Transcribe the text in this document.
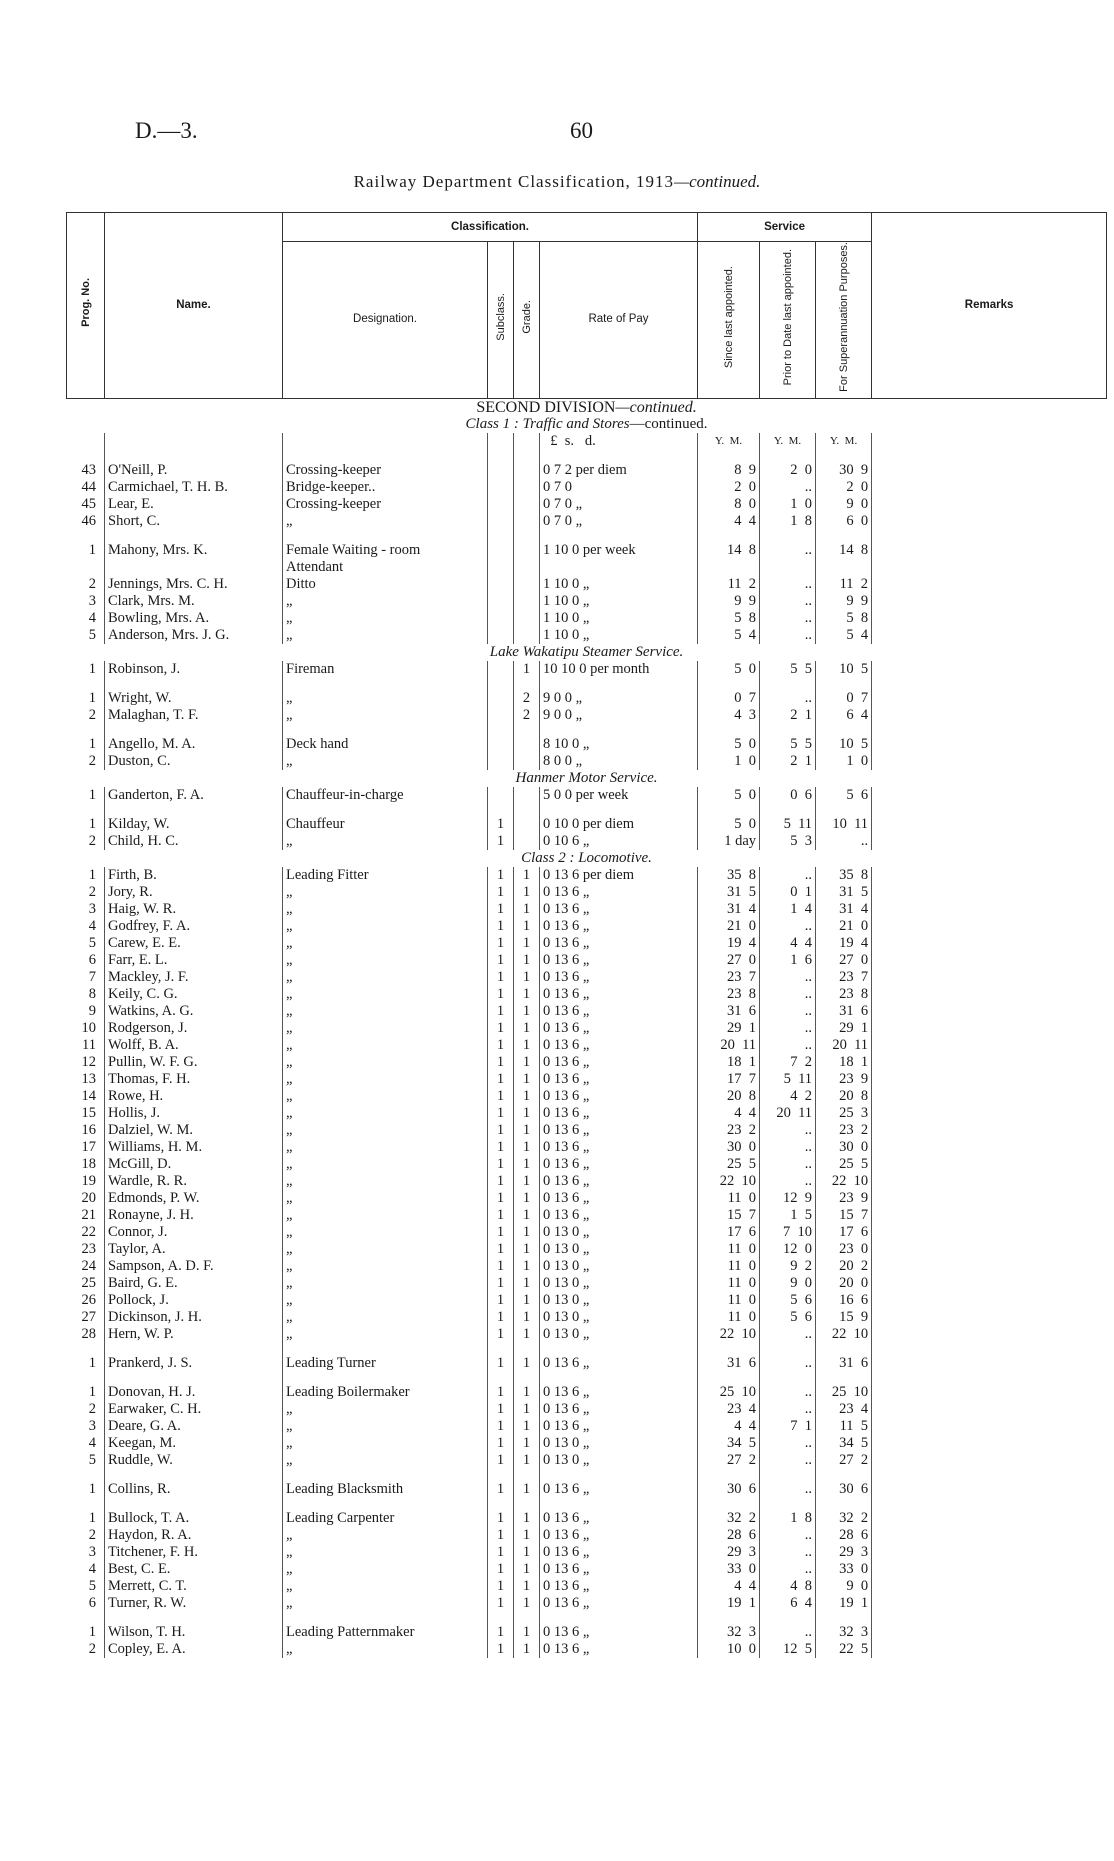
D.—3.	60
Railway Department Classification, 1913—continued.
Prog. No.	Name.	Classification.				Service			Remarks
		Designation.	Subclass.	Grade.	Rate of Pay	Since last appointed.	Prior to Date last appointed.	For Superannuation Purposes.	
SECOND DIVISION—continued.									
Class 1 : Traffic and Stores—continued.									
					£ s. d.	Y. M.	Y. M.	Y. M.	

43	O'Neill, P.	Crossing-keeper			0 7 2 per diem	8 9	2 0	30 9	
44	Carmichael, T. H. B.	Bridge-keeper..			0 7 0	2 0	..	2 0	
45	Lear, E.	Crossing-keeper			0 7 0 „	8 0	1 0	9 0	
46	Short, C.	„			0 7 0 „	4 4	1 8	6 0	

1	Mahony, Mrs. K.	Female Waiting - room			1 10 0 per week	14 8	..	14 8	
		Attendant							
2	Jennings, Mrs. C. H.	Ditto			1 10 0 „	11 2	..	11 2	
3	Clark, Mrs. M.	„			1 10 0 „	9 9	..	9 9	
4	Bowling, Mrs. A.	„			1 10 0 „	5 8	..	5 8	
5	Anderson, Mrs. J. G.	„			1 10 0 „	5 4	..	5 4	
Lake Wakatipu Steamer Service.									
1	Robinson, J.	Fireman		1	10 10 0 per month	5 0	5 5	10 5	

1	Wright, W.	„		2	9 0 0 „	0 7	..	0 7	
2	Malaghan, T. F.	„		2	9 0 0 „	4 3	2 1	6 4	

1	Angello, M. A.	Deck hand			8 10 0 „	5 0	5 5	10 5	
2	Duston, C.	„			8 0 0 „	1 0	2 1	1 0	
Hanmer Motor Service.									
1	Ganderton, F. A.	Chauffeur-in-charge			5 0 0 per week	5 0	0 6	5 6	

1	Kilday, W.	Chauffeur	1		0 10 0 per diem	5 0	5 11	10 11	
2	Child, H. C.	„	1		0 10 6 „	1 day	5 3	..	
Class 2 : Locomotive.									
1	Firth, B.	Leading Fitter	1	1	0 13 6 per diem	35 8	..	35 8	
2	Jory, R.	„	1	1	0 13 6 „	31 5	0 1	31 5	
3	Haig, W. R.	„	1	1	0 13 6 „	31 4	1 4	31 4	
4	Godfrey, F. A.	„	1	1	0 13 6 „	21 0	..	21 0	
5	Carew, E. E.	„	1	1	0 13 6 „	19 4	4 4	19 4	
6	Farr, E. L.	„	1	1	0 13 6 „	27 0	1 6	27 0	
7	Mackley, J. F.	„	1	1	0 13 6 „	23 7	..	23 7	
8	Keily, C. G.	„	1	1	0 13 6 „	23 8	..	23 8	
9	Watkins, A. G.	„	1	1	0 13 6 „	31 6	..	31 6	
10	Rodgerson, J.	„	1	1	0 13 6 „	29 1	..	29 1	
11	Wolff, B. A.	„	1	1	0 13 6 „	20 11	..	20 11	
12	Pullin, W. F. G.	„	1	1	0 13 6 „	18 1	7 2	18 1	
13	Thomas, F. H.	„	1	1	0 13 6 „	17 7	5 11	23 9	
14	Rowe, H.	„	1	1	0 13 6 „	20 8	4 2	20 8	
15	Hollis, J.	„	1	1	0 13 6 „	4 4	20 11	25 3	
16	Dalziel, W. M.	„	1	1	0 13 6 „	23 2	..	23 2	
17	Williams, H. M.	„	1	1	0 13 6 „	30 0	..	30 0	
18	McGill, D.	„	1	1	0 13 6 „	25 5	..	25 5	
19	Wardle, R. R.	„	1	1	0 13 6 „	22 10	..	22 10	
20	Edmonds, P. W.	„	1	1	0 13 6 „	11 0	12 9	23 9	
21	Ronayne, J. H.	„	1	1	0 13 6 „	15 7	1 5	15 7	
22	Connor, J.	„	1	1	0 13 0 „	17 6	7 10	17 6	
23	Taylor, A.	„	1	1	0 13 0 „	11 0	12 0	23 0	
24	Sampson, A. D. F.	„	1	1	0 13 0 „	11 0	9 2	20 2	
25	Baird, G. E.	„	1	1	0 13 0 „	11 0	9 0	20 0	
26	Pollock, J.	„	1	1	0 13 0 „	11 0	5 6	16 6	
27	Dickinson, J. H.	„	1	1	0 13 0 „	11 0	5 6	15 9	
28	Hern, W. P.	„	1	1	0 13 0 „	22 10	..	22 10	

1	Prankerd, J. S.	Leading Turner	1	1	0 13 6 „	31 6	..	31 6	

1	Donovan, H. J.	Leading Boilermaker	1	1	0 13 6 „	25 10	..	25 10	
2	Earwaker, C. H.	„	1	1	0 13 6 „	23 4	..	23 4	
3	Deare, G. A.	„	1	1	0 13 6 „	4 4	7 1	11 5	
4	Keegan, M.	„	1	1	0 13 0 „	34 5	..	34 5	
5	Ruddle, W.	„	1	1	0 13 0 „	27 2	..	27 2	

1	Collins, R.	Leading Blacksmith	1	1	0 13 6 „	30 6	..	30 6	

1	Bullock, T. A.	Leading Carpenter	1	1	0 13 6 „	32 2	1 8	32 2	
2	Haydon, R. A.	„	1	1	0 13 6 „	28 6	..	28 6	
3	Titchener, F. H.	„	1	1	0 13 6 „	29 3	..	29 3	
4	Best, C. E.	„	1	1	0 13 6 „	33 0	..	33 0	
5	Merrett, C. T.	„	1	1	0 13 6 „	4 4	4 8	9 0	
6	Turner, R. W.	„	1	1	0 13 6 „	19 1	6 4	19 1	

1	Wilson, T. H.	Leading Patternmaker	1	1	0 13 6 „	32 3	..	32 3	
2	Copley, E. A.	„	1	1	0 13 6 „	10 0	12 5	22 5	
